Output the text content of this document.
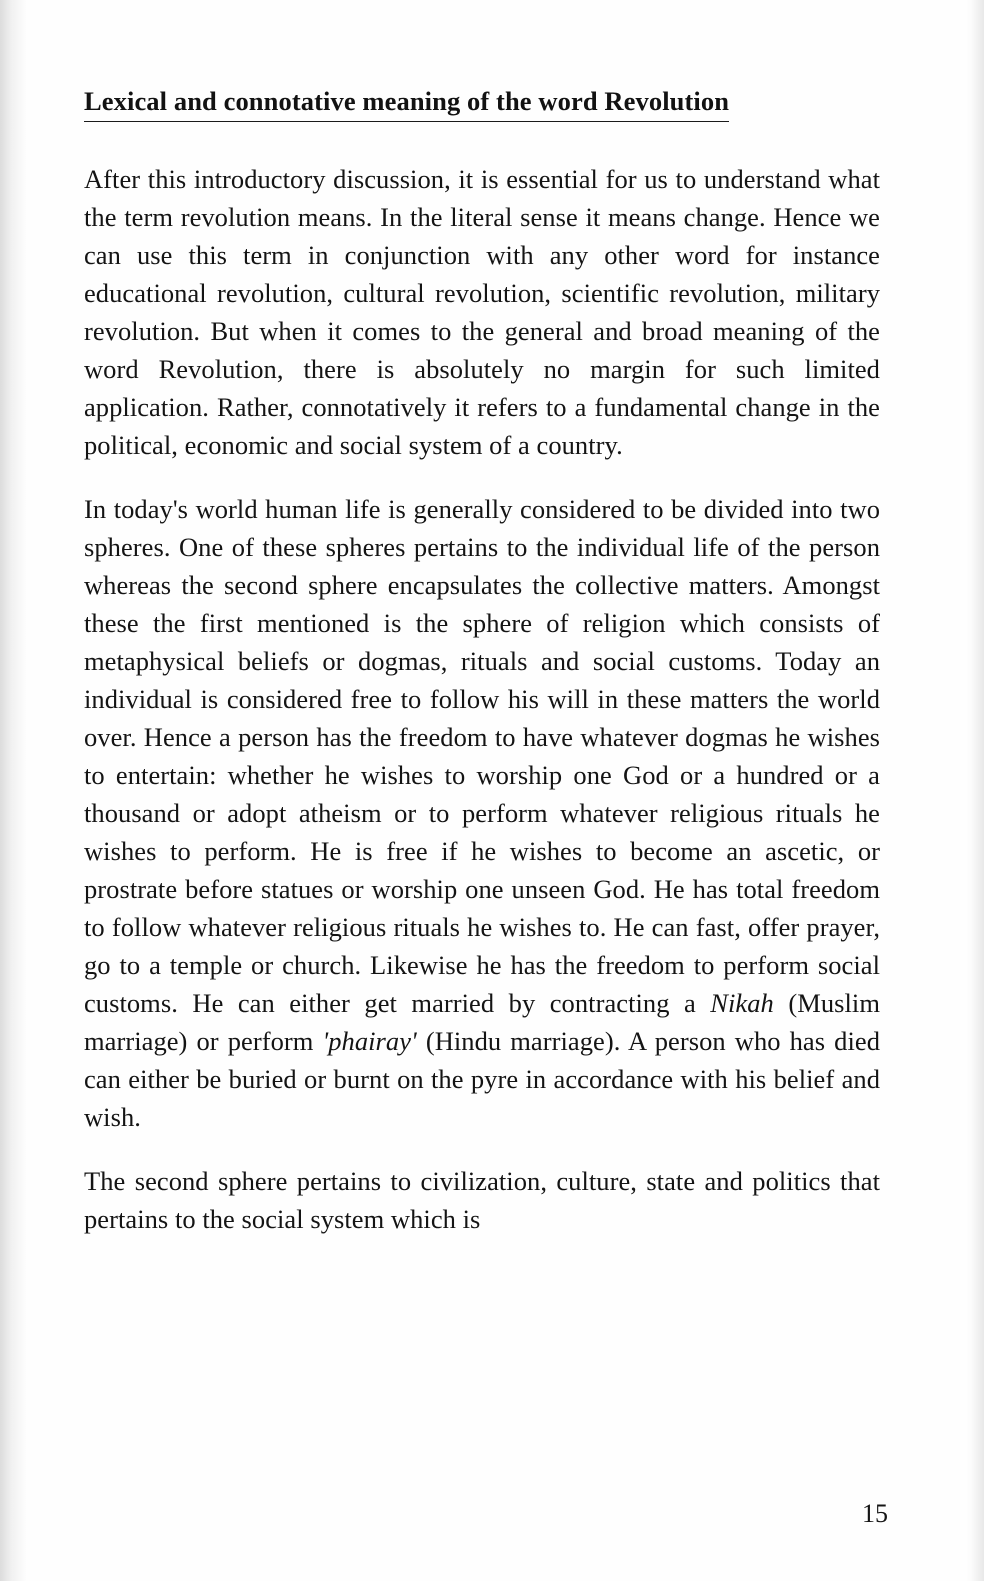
Lexical and connotative meaning of the word Revolution

After this introductory discussion, it is essential for us to understand what the term revolution means. In the literal sense it means change. Hence we can use this term in conjunction with any other word for instance educational revolution, cultural revolution, scientific revolution, military revolution. But when it comes to the general and broad meaning of the word Revolution, there is absolutely no margin for such limited application. Rather, connotatively it refers to a fundamental change in the political, economic and social system of a country.

In today's world human life is generally considered to be divided into two spheres. One of these spheres pertains to the individual life of the person whereas the second sphere encapsulates the collective matters. Amongst these the first mentioned is the sphere of religion which consists of metaphysical beliefs or dogmas, rituals and social customs. Today an individual is considered free to follow his will in these matters the world over. Hence a person has the freedom to have whatever dogmas he wishes to entertain: whether he wishes to worship one God or a hundred or a thousand or adopt atheism or to perform whatever religious rituals he wishes to perform. He is free if he wishes to become an ascetic, or prostrate before statues or worship one unseen God. He has total freedom to follow whatever religious rituals he wishes to. He can fast, offer prayer, go to a temple or church. Likewise he has the freedom to perform social customs. He can either get married by contracting a Nikah (Muslim marriage) or perform 'phairay' (Hindu marriage). A person who has died can either be buried or burnt on the pyre in accordance with his belief and wish.

The second sphere pertains to civilization, culture, state and politics that pertains to the social system which is

15
